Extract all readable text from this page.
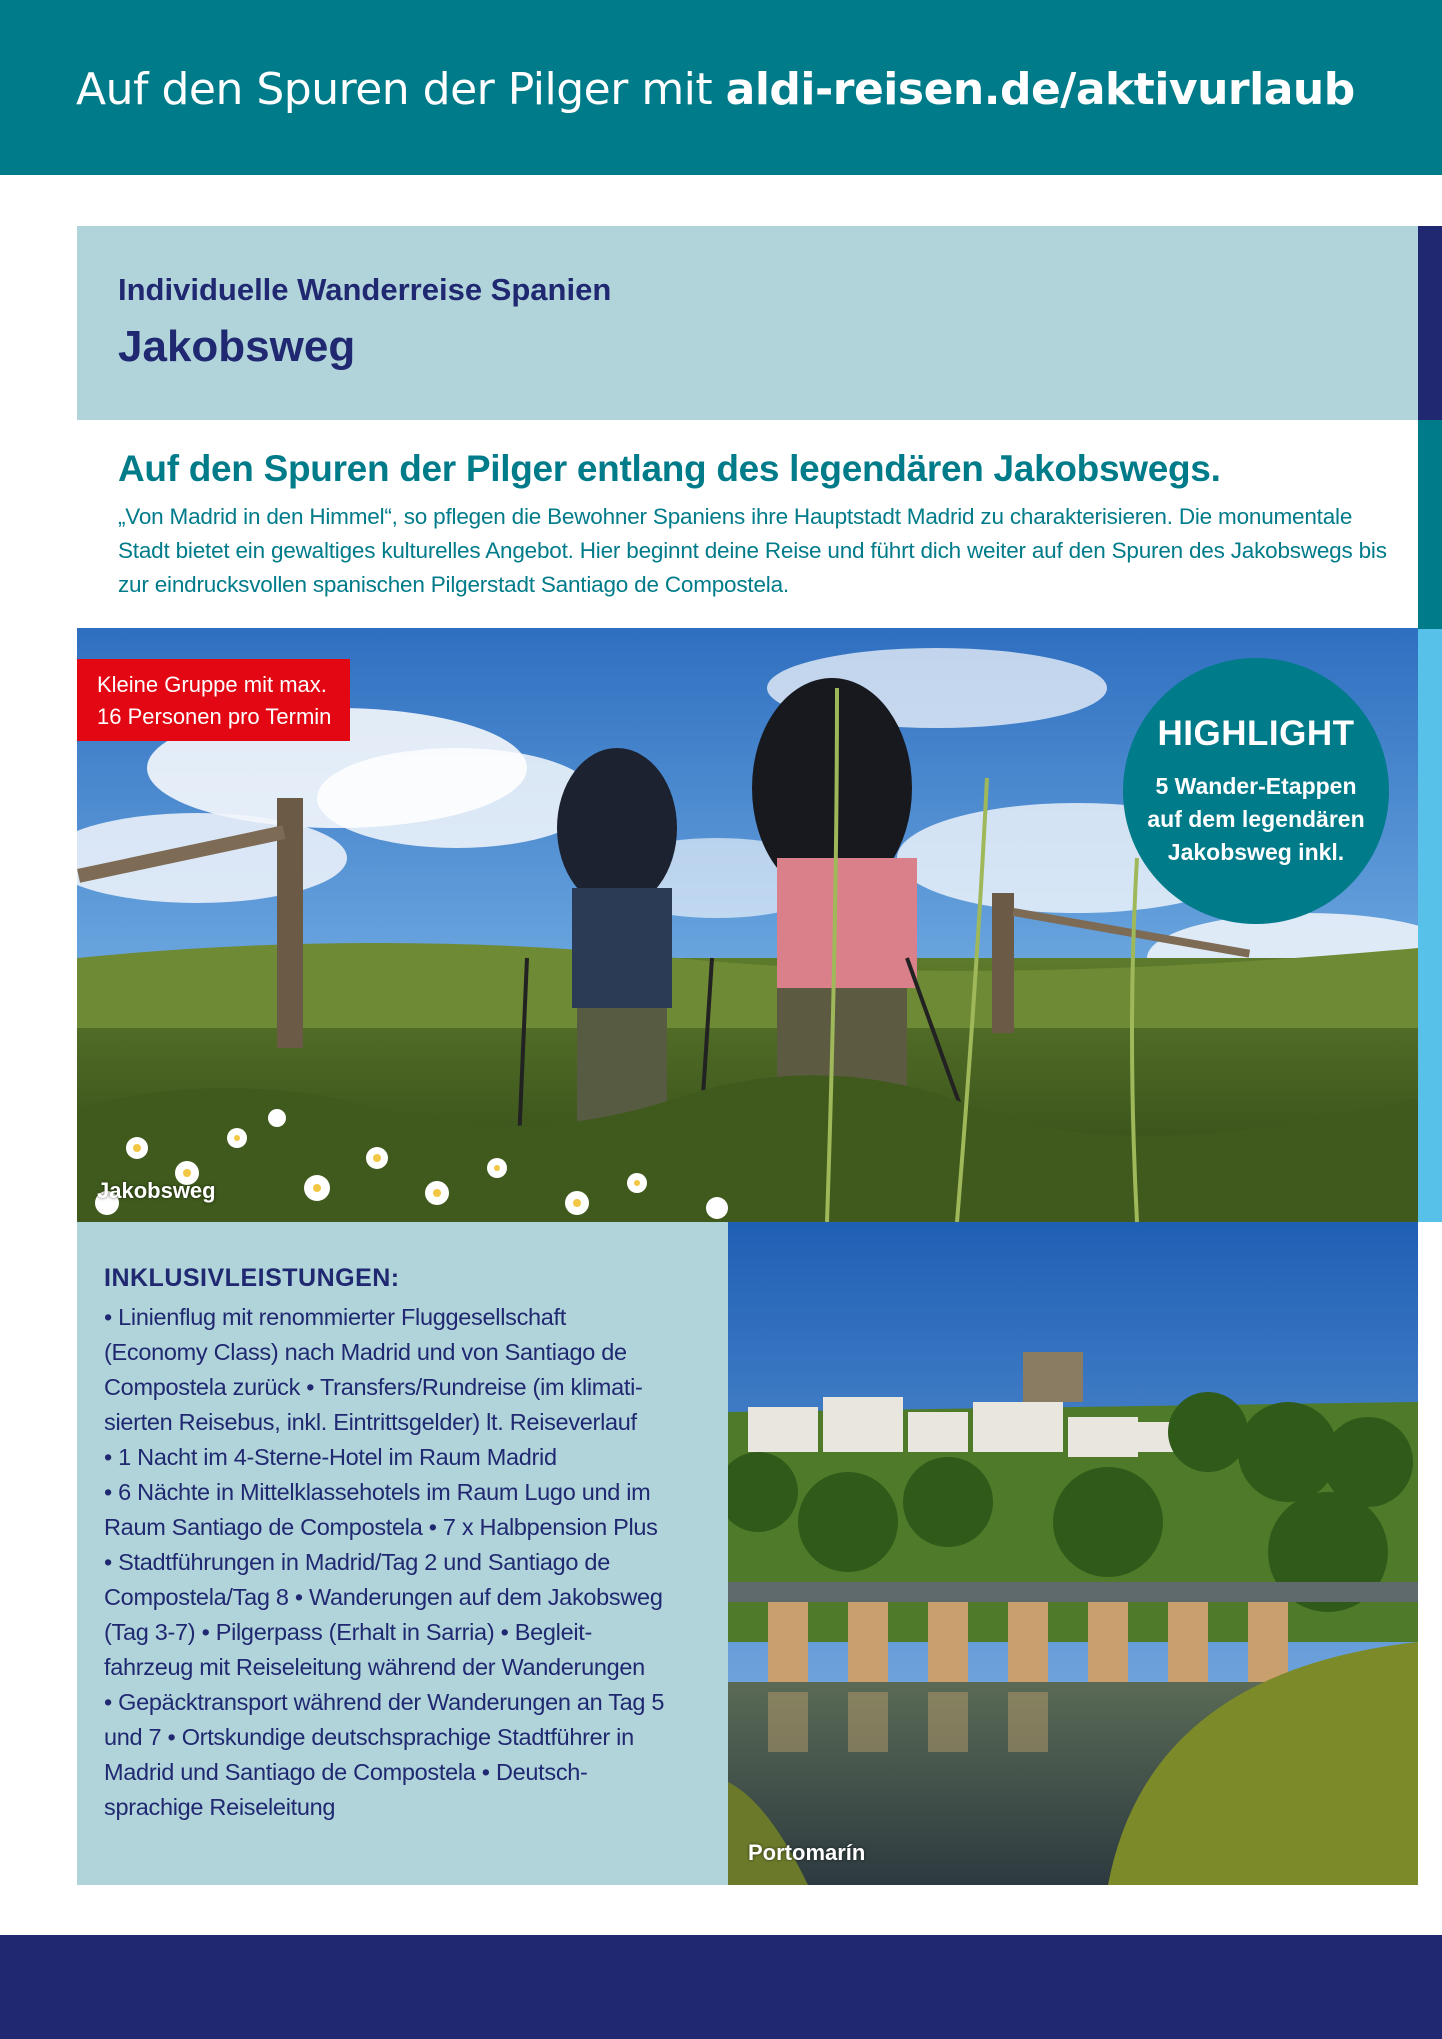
Auf den Spuren der Pilger mit aldi-reisen.de/aktivurlaub
Individuelle Wanderreise Spanien
Jakobsweg
Auf den Spuren der Pilger entlang des legendären Jakobswegs.
„Von Madrid in den Himmel“, so pflegen die Bewohner Spaniens ihre Hauptstadt Madrid zu charakterisieren. Die monumentale Stadt bietet ein gewaltiges kulturelles Angebot. Hier beginnt deine Reise und führt dich weiter auf den Spuren des Jakobswegs bis zur eindrucksvollen spanischen Pilgerstadt Santiago de Compostela.
Kleine Gruppe mit max.
16 Personen pro Termin	HIGHLIGHT
5 Wander-Etappen auf dem legendären Jakobsweg inkl.
Jakobsweg
INKLUSIVLEISTUNGEN:
• Linienflug mit renommierter Fluggesellschaft
(Economy Class) nach Madrid und von Santiago de
Compostela zurück • Transfers/Rundreise (im klimati-
sierten Reisebus, inkl. Eintrittsgelder) lt. Reiseverlauf
• 1 Nacht im 4-Sterne-Hotel im Raum Madrid
• 6 Nächte in Mittelklassehotels im Raum Lugo und im
Raum Santiago de Compostela • 7 x Halbpension Plus
• Stadtführungen in Madrid/Tag 2 und Santiago de
Compostela/Tag 8 • Wanderungen auf dem Jakobsweg
(Tag 3-7) • Pilgerpass (Erhalt in Sarria) • Begleit-
fahrzeug mit Reiseleitung während der Wanderungen
• Gepäcktransport während der Wanderungen an Tag 5
und 7 • Ortskundige deutschsprachige Stadtführer in
Madrid und Santiago de Compostela • Deutsch-
sprachige Reiseleitung
Portomarín
